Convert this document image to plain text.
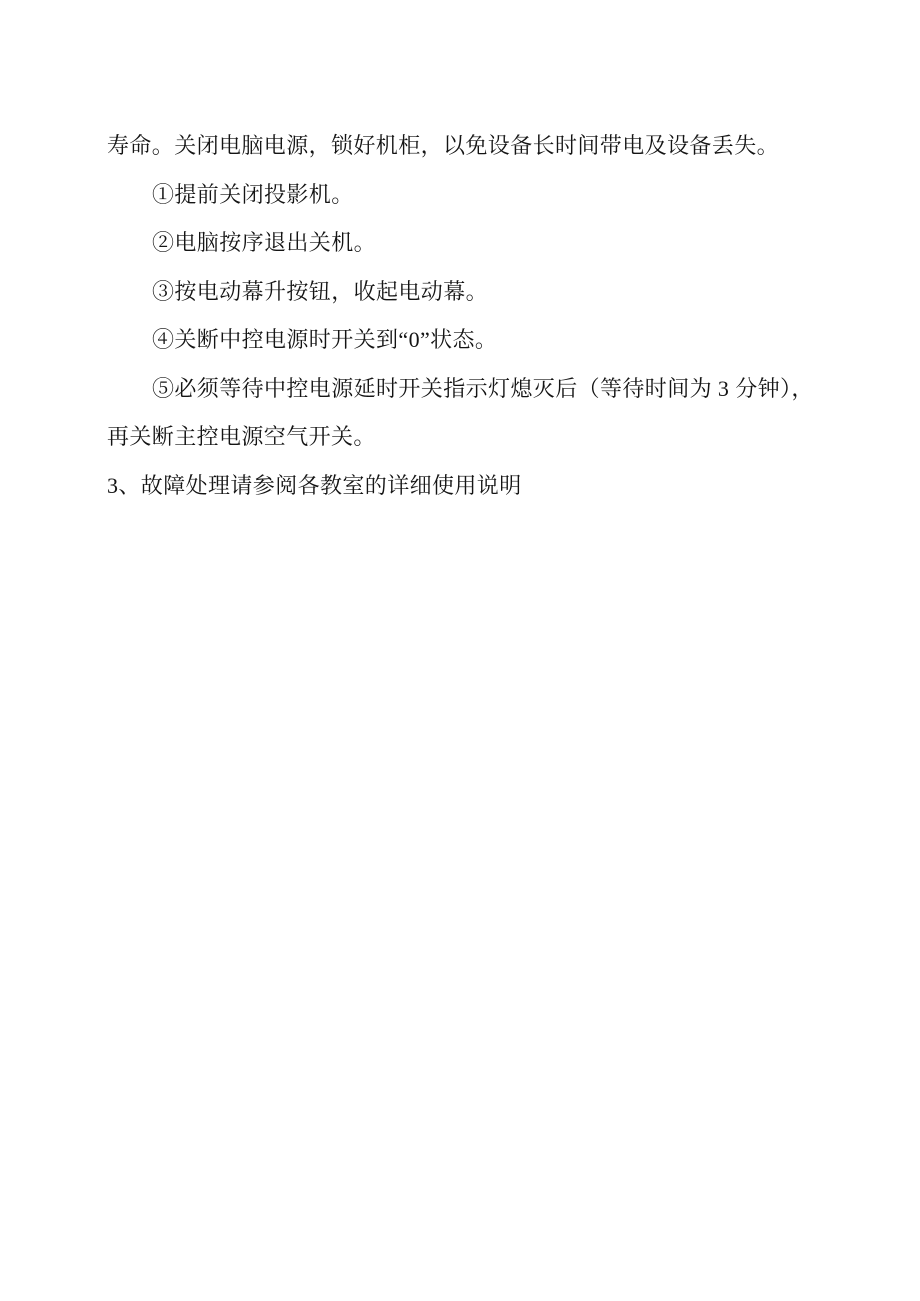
寿命。关闭电脑电源，锁好机柜，以免设备长时间带电及设备丢失。

①提前关闭投影机。

②电脑按序退出关机。

③按电动幕升按钮，收起电动幕。

④关断中控电源时开关到“0”状态。

⑤必须等待中控电源延时开关指示灯熄灭后（等待时间为 3 分钟），

再关断主控电源空气开关。

3、故障处理请参阅各教室的详细使用说明
